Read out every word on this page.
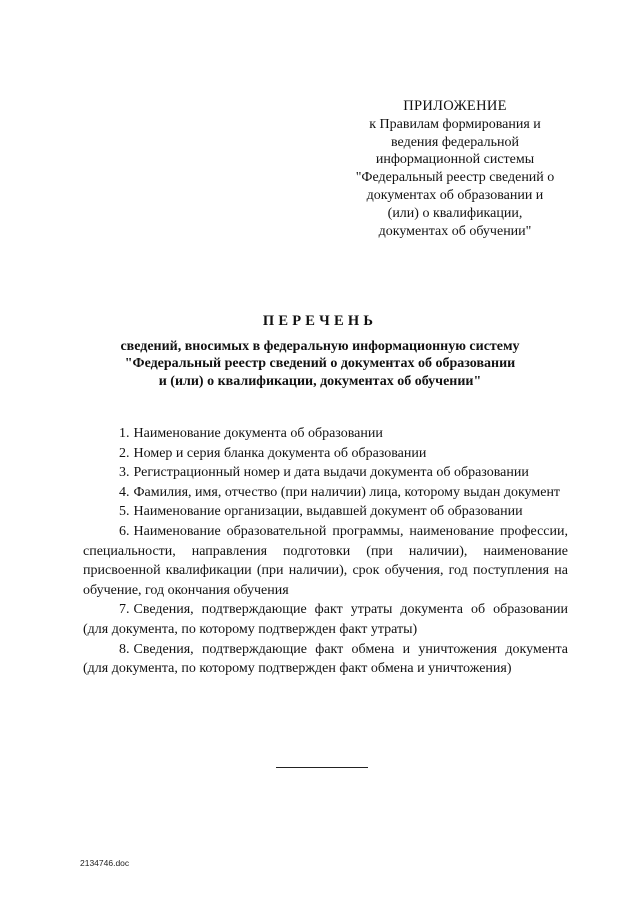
ПРИЛОЖЕНИЕ
к Правилам формирования и
ведения федеральной
информационной системы
"Федеральный реестр сведений о
документах об образовании и
(или) о квалификации,
документах об обучении"
ПЕРЕЧЕНЬ
сведений, вносимых в федеральную информационную систему
"Федеральный реестр сведений о документах об образовании
и (или) о квалификации, документах об обучении"

1. Наименование документа об образовании

2. Номер и серия бланка документа об образовании

3. Регистрационный номер и дата выдачи документа об образовании

4. Фамилия, имя, отчество (при наличии) лица, которому выдан документ

5. Наименование организации, выдавшей документ об образовании

6. Наименование образовательной программы, наименование профессии, специальности, направления подготовки (при наличии), наименование присвоенной квалификации (при наличии), срок обучения, год поступления на обучение, год окончания обучения

7. Сведения, подтверждающие факт утраты документа об образовании (для документа, по которому подтвержден факт утраты)

8. Сведения, подтверждающие факт обмена и уничтожения документа (для документа, по которому подтвержден факт обмена и уничтожения)

2134746.doc
